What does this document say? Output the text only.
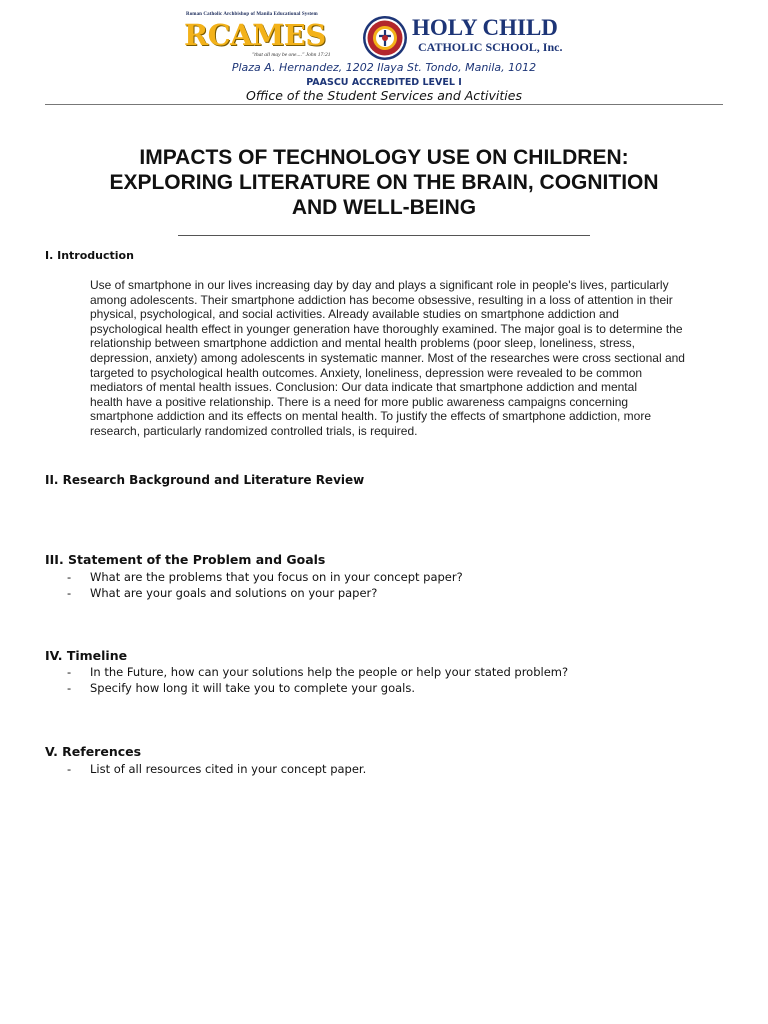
Roman Catholic Archbishop of Manila Educational System
RCAMES
"that all may be one...." John 17:21
HOLY CHILD
CATHOLIC SCHOOL, Inc.
Plaza A. Hernandez, 1202 Ilaya St. Tondo, Manila, 1012
PAASCU ACCREDITED LEVEL I
Office of the Student Services and Activities
IMPACTS OF TECHNOLOGY USE ON CHILDREN:
EXPLORING LITERATURE ON THE BRAIN, COGNITION
AND WELL-BEING
I. Introduction

Use of smartphone in our lives increasing day by day and plays a significant role in people's lives, particularly
among adolescents. Their smartphone addiction has become obsessive, resulting in a loss of attention in their
physical, psychological, and social activities. Already available studies on smartphone addiction and
psychological health effect in younger generation have thoroughly examined. The major goal is to determine the
relationship between smartphone addiction and mental health problems (poor sleep, loneliness, stress,
depression, anxiety) among adolescents in systematic manner. Most of the researches were cross sectional and
targeted to psychological health outcomes. Anxiety, loneliness, depression were revealed to be common
mediators of mental health issues. Conclusion: Our data indicate that smartphone addiction and mental
health have a positive relationship. There is a need for more public awareness campaigns concerning
smartphone addiction and its effects on mental health. To justify the effects of smartphone addiction, more
research, particularly randomized controlled trials, is required.

II. Research Background and Literature Review
III. Statement of the Problem and Goals
- What are the problems that you focus on in your concept paper?
- What are your goals and solutions on your paper?
IV. Timeline
- In the Future, how can your solutions help the people or help your stated problem?
- Specify how long it will take you to complete your goals.
V. References
- List of all resources cited in your concept paper.
